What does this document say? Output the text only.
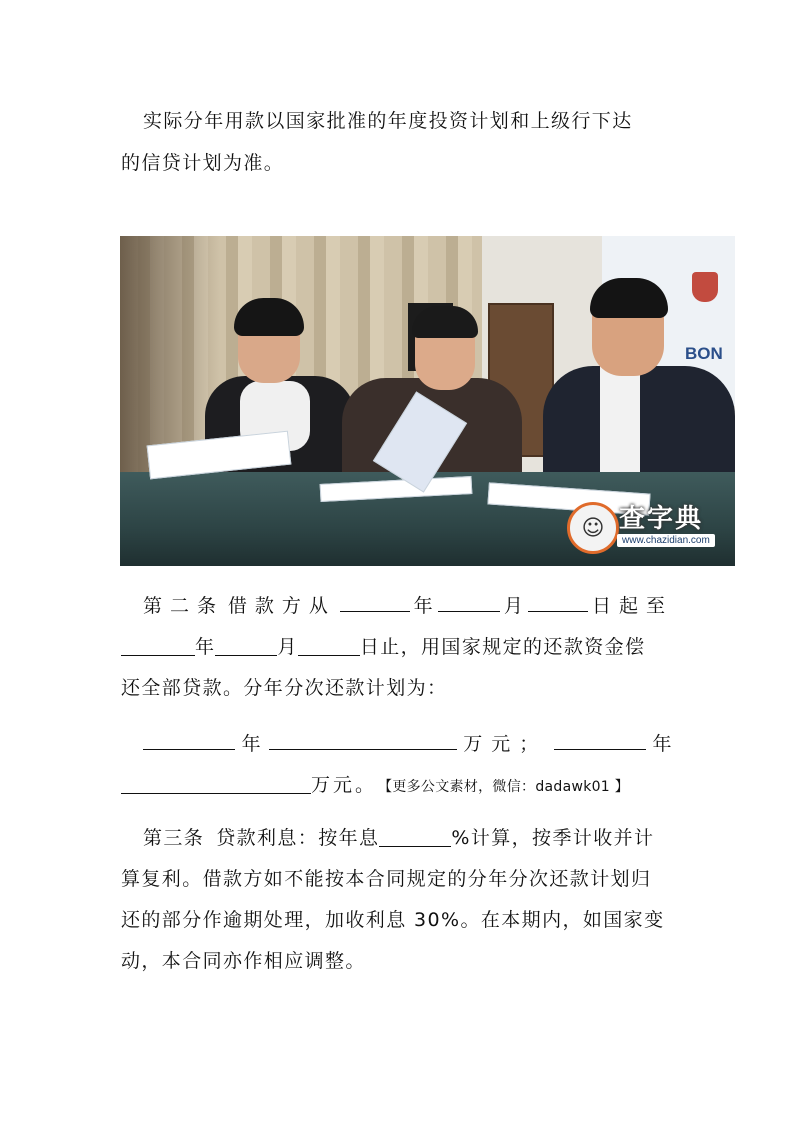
实际分年用款以国家批准的年度投资计划和上级行下达
的信贷计划为准。
BON
☺ 查字典
www.chazidian.com
第二条 借款方从	年	月	日起至
年	月	日止，用国家规定的还款资金偿
还全部贷款。分年分次还款计划为：
年	万元；	年
万元。 【更多公文素材，微信：dadawk01 】
第三条 贷款利息：按年息	%计算，按季计收并计
算复利。借款方如不能按本合同规定的分年分次还款计划归
还的部分作逾期处理，加收利息 30%。在本期内，如国家变
动，本合同亦作相应调整。
